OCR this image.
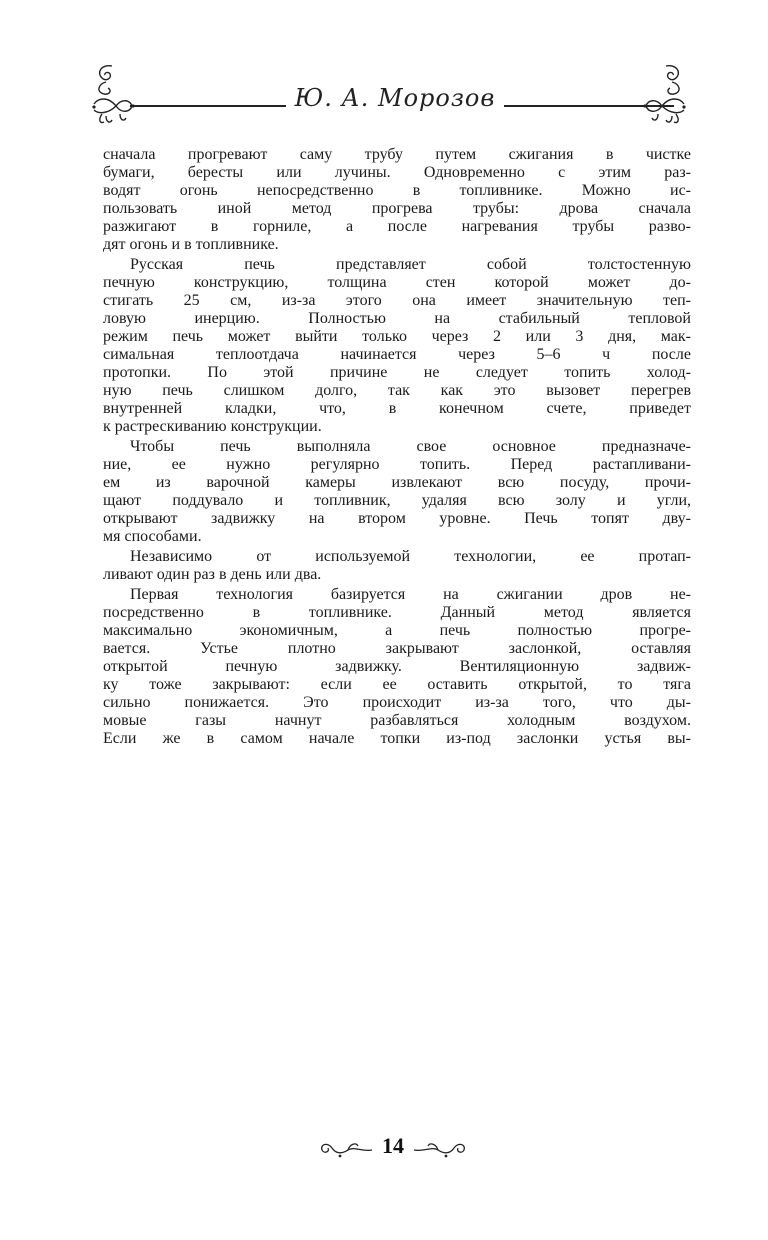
Ю. А. Морозов
сначала прогревают саму трубу путем сжигания в чистке
бумаги, бересты или лучины. Одновременно с этим раз-
водят огонь непосредственно в топливнике. Можно ис-
пользовать иной метод прогрева трубы: дрова сначала
разжигают в горниле, а после нагревания трубы разво-
дят огонь и в топливнике.
Русская печь представляет собой толстостенную
печную конструкцию, толщина стен которой может до-
стигать 25 см, из-за этого она имеет значительную теп-
ловую инерцию. Полностью на стабильный тепловой
режим печь может выйти только через 2 или 3 дня, мак-
симальная теплоотдача начинается через 5–6 ч после
протопки. По этой причине не следует топить холод-
ную печь слишком долго, так как это вызовет перегрев
внутренней кладки, что, в конечном счете, приведет
к растрескиванию конструкции.
Чтобы печь выполняла свое основное предназначе-
ние, ее нужно регулярно топить. Перед растапливани-
ем из варочной камеры извлекают всю посуду, прочи-
щают поддувало и топливник, удаляя всю золу и угли,
открывают задвижку на втором уровне. Печь топят дву-
мя способами.
Независимо от используемой технологии, ее протап-
ливают один раз в день или два.
Первая технология базируется на сжигании дров не-
посредственно в топливнике. Данный метод является
максимально экономичным, а печь полностью прогре-
вается. Устье плотно закрывают заслонкой, оставляя
открытой печную задвижку. Вентиляционную задвиж-
ку тоже закрывают: если ее оставить открытой, то тяга
сильно понижается. Это происходит из-за того, что ды-
мовые газы начнут разбавляться холодным воздухом.
Если же в самом начале топки из-под заслонки устья вы-
14
